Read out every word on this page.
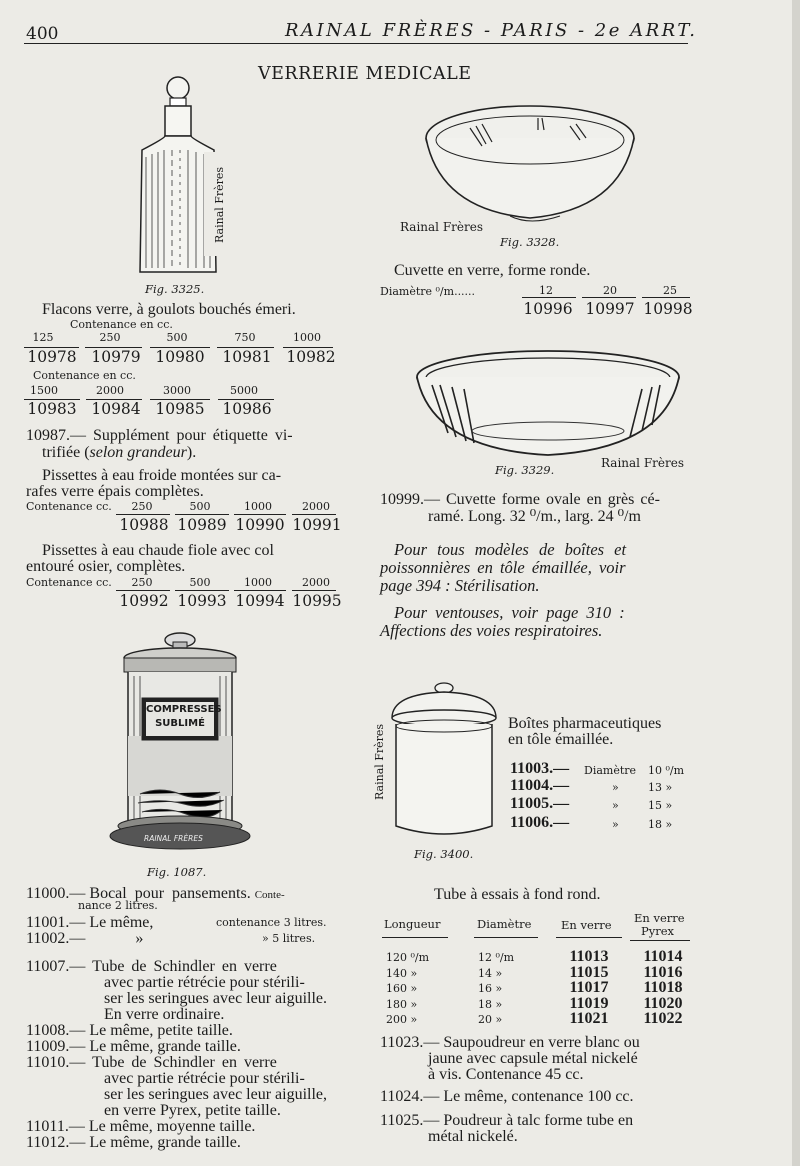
400	RAINAL FRÈRES - PARIS - 2e ARRT.
VERRERIE MEDICALE
Rainal Frères
Fig. 3325.
Flacons verre, à goulots bouchés émeri.
Contenance en cc.
125	250	500	750	1000
10978 10979 10980 10981 10982
Contenance en cc.
1500	2000	3000	5000
10983 10984 10985 10986
10987.— Supplément pour étiquette vi-
trifiée (selon grandeur).
Pissettes à eau froide montées sur ca-
rafes verre épais complètes.
Contenance cc.	250	500	1000	2000
10988 10989 10990 10991
Pissettes à eau chaude fiole avec col
entouré osier, complètes.
Contenance cc.	250	500	1000	2000
10992 10993 10994 10995
COMPRESSES
SUBLIMÉ
RAINAL FRÈRES
Fig. 1087.
11000.— Bocal pour pansements. Conte-
nance 2 litres.
11001.— Le même,	contenance 3 litres.
11002.—	»	» 5 litres.
11007.— Tube de Schindler en verre
avec partie rétrécie pour stérili-
ser les seringues avec leur aiguille.
En verre ordinaire.
11008.— Le même, petite taille.
11009.— Le même, grande taille.
11010.— Tube de Schindler en verre
avec partie rétrécie pour stérili-
ser les seringues avec leur aiguille,
en verre Pyrex, petite taille.
11011.— Le même, moyenne taille.
11012.— Le même, grande taille.
Rainal Frères
Fig. 3328.
Cuvette en verre, forme ronde.
Diamètre ⁰/m......	12	20	25
10996 10997 10998
Fig. 3329.	Rainal Frères
10999.— Cuvette forme ovale en grès cé-
ramé. Long. 32 ⁰/m., larg. 24 ⁰/m
Pour tous modèles de boîtes et
poissonnières en tôle émaillée, voir
page 394 : Stérilisation.
Pour ventouses, voir page 310 :
Affections des voies respiratoires.
Rainal Frères
Fig. 3400.
Boîtes pharmaceutiques
en tôle émaillée.
11003.— Diamètre 10 ⁰/m
11004.—	»	13 »
11005.—	»	15 »
11006.—	»	18 »
Tube à essais à fond rond.
Longueur	Diamètre	En verre En verre
Pyrex
120 ⁰/m	12 ⁰/m	11013	11014
140 »	14 »	11015	11016
160 »	16 »	11017	11018
180 »	18 »	11019	11020
200 »	20 »	11021	11022
11023.— Saupoudreur en verre blanc ou
jaune avec capsule métal nickelé
à vis. Contenance 45 cc.
11024.— Le même, contenance 100 cc.
11025.— Poudreur à talc forme tube en
métal nickelé.
